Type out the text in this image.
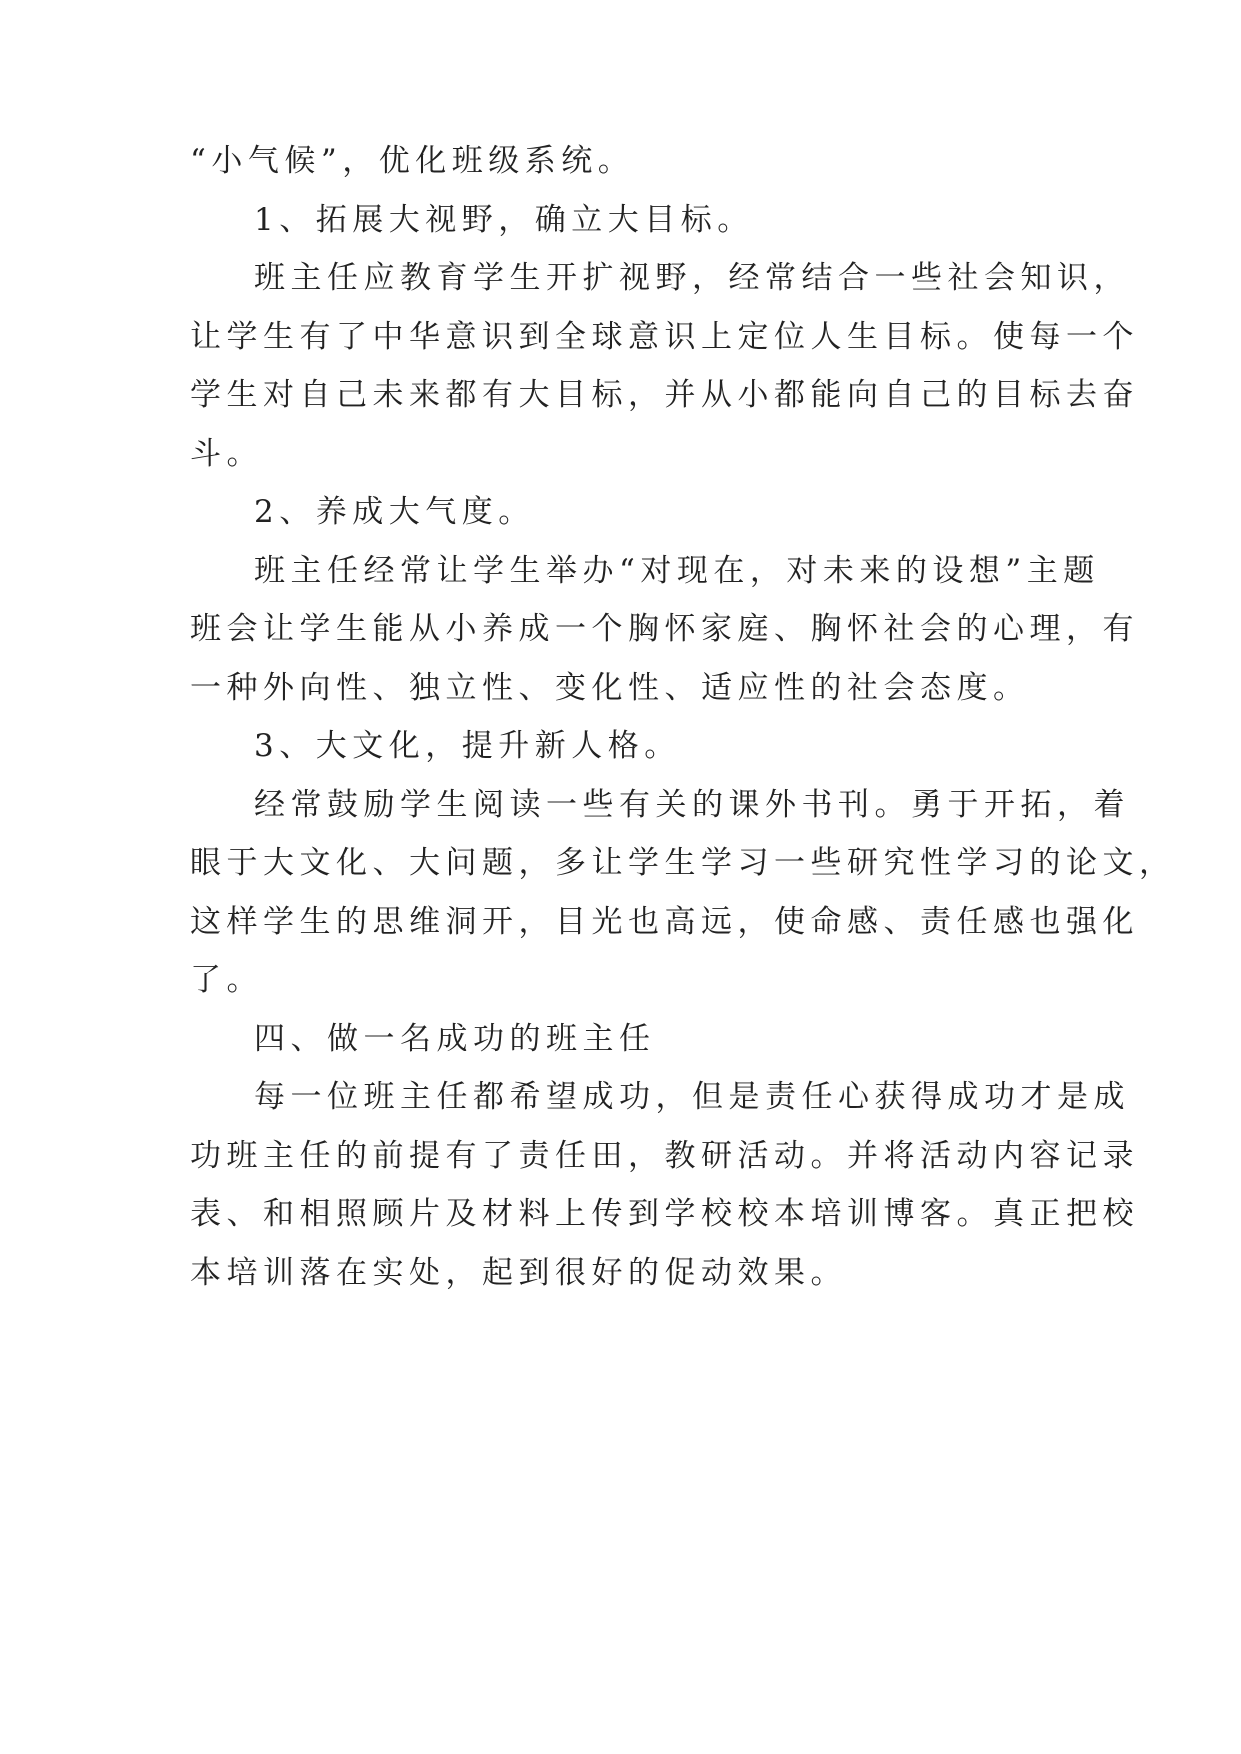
“小气候”，优化班级系统。

1、拓展大视野，确立大目标。

班主任应教育学生开扩视野，经常结合一些社会知识，

让学生有了中华意识到全球意识上定位人生目标。使每一个

学生对自己未来都有大目标，并从小都能向自己的目标去奋

斗。

2、养成大气度。

班主任经常让学生举办“对现在，对未来的设想”主题

班会让学生能从小养成一个胸怀家庭、胸怀社会的心理，有

一种外向性、独立性、变化性、适应性的社会态度。

3、大文化，提升新人格。

经常鼓励学生阅读一些有关的课外书刊。勇于开拓，着

眼于大文化、大问题，多让学生学习一些研究性学习的论文，

这样学生的思维洞开，目光也高远，使命感、责任感也强化

了。

四、做一名成功的班主任

每一位班主任都希望成功，但是责任心获得成功才是成

功班主任的前提有了责任田，教研活动。并将活动内容记录

表、和相照顾片及材料上传到学校校本培训博客。真正把校

本培训落在实处，起到很好的促动效果。
